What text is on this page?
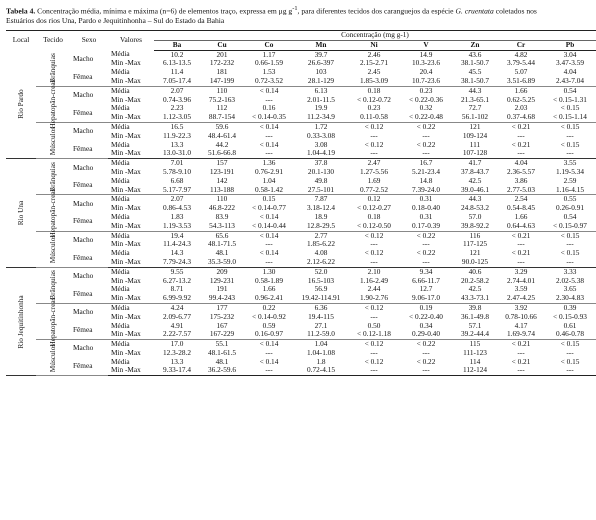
Tabela 4. Concentração média, mínima e máxima (n=6) de elementos traço, expressa em μg $g^{-1}$, para diferentes tecidos dos caranguejos da espécie G. cruentata coletados nos Estuários dos rios Una, Pardo e Jequitinhonha – Sul do Estado da Bahia
Local	Tecido	Sexo	Valores	Concentração (mg g-1)								
				Ba	Cu	Co	Mn	Ni	V	Zn	Cr	Pb

Rio Pardo	Brânquias	Macho	Média	10.2	201	1.17	39.7	2.46	14.9	43.6	4.82	3.04
			Min -Max	6.13-13.5	172-232	0.66-1.59	26.6-397	2.15-2.71	10.3-23.6	38.1-50.7	3.79-5.44	3.47-3.59
		Fêmea	Média	11.4	181	1.53	103	2.45	20.4	45.5	5.07	4.04
			Min -Max	7.05-17.4	147-199	0.72-3.52	28.1-129	1.85-3.09	10.7-23.6	38.1-50.7	3.51-6.89	2.43-7.04

	Hepatopân-creas	Macho	Média	2.07	110	< 0.14	6.13	0.18	0.23	44.3	1.66	0.54
			Min -Max	0.74-3.96	75.2-163	---	2.01-11.5	< 0.12-0.72	< 0.22-0.36	21.3-65.1	0.62-5.25	< 0.15-1.31
		Fêmea	Média	2.23	112	0.16	19.9	0.23	0.32	72.7	2.03	< 0.15
			Min -Max	1.12-3.05	88.7-154	< 0.14-0.35	11.2-34.9	0.11-0.58	< 0.22-0.48	56.1-102	0.37-4.68	< 0.15-1.14

	Músculos	Macho	Média	16.5	59.6	< 0.14	1.72	< 0.12	< 0.22	121	< 0.21	< 0.15
			Min -Max	11.9-22.3	48.4-61.4	---	0.33-3.08	---	---	109-124	---	---
		Fêmea	Média	13.3	44.2	< 0.14	3.08	< 0.12	< 0.22	111	< 0.21	< 0.15
			Min -Max	13.0-31.0	51.6-66.8	---	1.04-4.19	---	---	107-128	---	---

Rio Una	Brânquias	Macho	Média	7.01	157	1.36	37.8	2.47	16.7	41.7	4.04	3.55
			Min -Max	5.78-9.10	123-191	0.76-2.91	20.1-130	1.27-5.56	5.21-23.4	37.8-43.7	2.36-5.57	1.19-5.34
		Fêmea	Média	6.68	142	1.04	49.8	1.69	14.8	42.5	3.86	2.59
			Min -Max	5.17-7.97	113-188	0.58-1.42	27.5-101	0.77-2.52	7.39-24.0	39.0-46.1	2.77-5.03	1.16-4.15

	Hepatopân-creas	Macho	Média	2.07	110	0.15	7.87	0.12	0.31	44.3	2.54	0.55
			Min -Max	0.86-4.53	46.8-222	< 0.14-0.77	3.18-12.4	< 0.12-0.27	0.18-0.40	24.8-53.2	0.54-8.45	0.26-0.91
		Fêmea	Média	1.83	83.9	< 0.14	18.9	0.18	0.31	57.0	1.66	0.54
			Min -Max	1.19-3.53	54.3-113	< 0.14-0.44	12.8-29.5	< 0.12-0.50	0.17-0.39	39.8-92.2	0.64-4.63	< 0.15-0.97

	Músculos	Macho	Média	19.4	65.6	< 0.14	2.77	< 0.12	< 0.22	116	< 0.21	< 0.15
			Min -Max	11.4-24.3	48.1-71.5	---	1.85-6.22	---	---	117-125	---	---
		Fêmea	Média	14.3	48.1	< 0.14	4.08	< 0.12	< 0.22	121	< 0.21	< 0.15
			Min -Max	7.79-24.3	35.3-59.0	---	2.12-6.22	---	---	90.0-125	---	---

Rio Jequitinhonha	Brânquias	Macho	Média	9.55	209	1.30	52.0	2.10	9.34	40.6	3.29	3.33
			Min -Max	6.27-13.2	129-231	0.58-1.89	16.5-103	1.16-2.49	6.66-11.7	20.2-58.2	2.74-4.01	2.02-5.38
		Fêmea	Média	8.71	191	1.66	56.9	2.44	12.7	42.5	3.59	3.65
			Min -Max	6.99-9.92	99.4-243	0.96-2.41	19.42-114.91	1.90-2.76	9.06-17.0	43.3-73.1	2.47-4.25	2.30-4.83

	Hepatopân-creas	Macho	Média	4.24	177	0.22	6.36	< 0.12	0.19	39.8	3.92	0.39
			Min -Max	2.09-6.77	175-232	< 0.14-0.92	19.4-115	---	< 0.22-0.40	36.1-49.8	0.78-10.66	< 0.15-0.93
		Fêmea	Média	4.91	167	0.59	27.1	0.50	0.34	57.1	4.17	0.61
			Min -Max	2.22-7.57	167-229	0.16-0.97	11.2-59.0	< 0.12-1.18	0.29-0.40	39.2-44.4	1.69-9.74	0.46-0.78

	Músculos	Macho	Média	17.0	55.1	< 0.14	1.04	< 0.12	< 0.22	115	< 0.21	< 0.15
			Min -Max	12.3-28.2	48.1-61.5	---	1.04-1.08	---	---	111-123	---	---
		Fêmea	Média	13.3	48.1	< 0.14	1.8	< 0.12	< 0.22	114	< 0.21	< 0.15
			Min -Max	9.33-17.4	36.2-59.6	---	0.72-4.15	---	---	112-124	---	---
